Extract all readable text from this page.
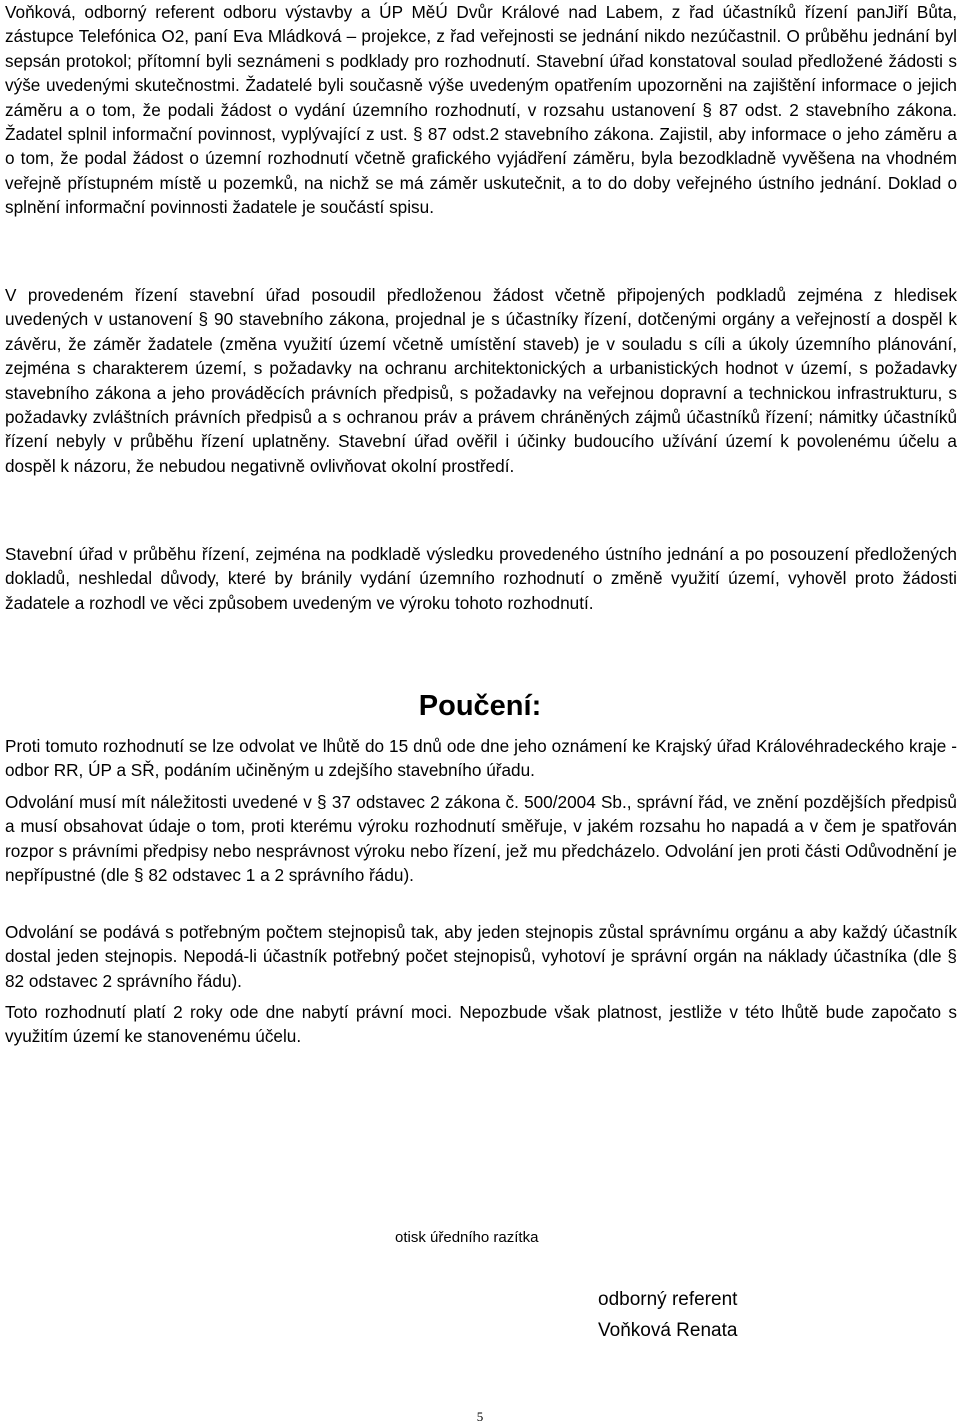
Voňková, odborný referent odboru výstavby a ÚP MěÚ Dvůr Králové nad Labem, z řad účastníků řízení panJiří Bůta, zástupce Telefónica O2, paní Eva Mládková – projekce, z řad veřejnosti se jednání nikdo nezúčastnil. O průběhu jednání byl sepsán protokol; přítomní byli seznámeni s podklady pro rozhodnutí. Stavební úřad konstatoval soulad předložené žádosti s výše uvedenými skutečnostmi. Žadatelé byli současně výše uvedeným opatřením upozorněni na zajištění informace o jejich záměru a o tom, že podali žádost o vydání územního rozhodnutí, v rozsahu ustanovení § 87 odst. 2 stavebního zákona. Žadatel splnil informační povinnost, vyplývající z ust. § 87 odst.2 stavebního zákona. Zajistil, aby informace o jeho záměru a o tom, že podal žádost o územní rozhodnutí včetně grafického vyjádření záměru, byla bezodkladně vyvěšena na vhodném veřejně přístupném místě u pozemků, na nichž se má záměr uskutečnit, a to do doby veřejného ústního jednání. Doklad o splnění informační povinnosti žadatele je součástí spisu.

V provedeném řízení stavební úřad posoudil předloženou žádost včetně připojených podkladů zejména z hledisek uvedených v ustanovení § 90 stavebního zákona, projednal je s účastníky řízení, dotčenými orgány a veřejností a dospěl k závěru, že záměr žadatele (změna využití území včetně umístění staveb) je v souladu s cíli a úkoly územního plánování, zejména s charakterem území, s požadavky na ochranu architektonických a urbanistických hodnot v území, s požadavky stavebního zákona a jeho prováděcích právních předpisů, s požadavky na veřejnou dopravní a technickou infrastrukturu, s požadavky zvláštních právních předpisů a s ochranou práv a právem chráněných zájmů účastníků řízení; námitky účastníků řízení nebyly v průběhu řízení uplatněny. Stavební úřad ověřil i účinky budoucího užívání území k povolenému účelu a dospěl k názoru, že nebudou negativně ovlivňovat okolní prostředí.

Stavební úřad v průběhu řízení, zejména na podkladě výsledku provedeného ústního jednání a po posouzení předložených dokladů, neshledal důvody, které by bránily vydání územního rozhodnutí o změně využití území, vyhověl proto žádosti žadatele a rozhodl ve věci způsobem uvedeným ve výroku tohoto rozhodnutí.

Poučení:

Proti tomuto rozhodnutí se lze odvolat ve lhůtě do 15 dnů ode dne jeho oznámení ke Krajský úřad Královéhradeckého kraje - odbor RR, ÚP a SŘ, podáním učiněným u zdejšího stavebního úřadu.

Odvolání musí mít náležitosti uvedené v § 37 odstavec 2 zákona č. 500/2004 Sb., správní řád, ve znění pozdějších předpisů a musí obsahovat údaje o tom, proti kterému výroku rozhodnutí směřuje, v jakém rozsahu ho napadá a v čem je spatřován rozpor s právními předpisy nebo nesprávnost výroku nebo řízení, jež mu předcházelo. Odvolání jen proti části Odůvodnění je nepřípustné (dle § 82 odstavec 1 a 2 správního řádu).

Odvolání se podává s potřebným počtem stejnopisů tak, aby jeden stejnopis zůstal správnímu orgánu a aby každý účastník dostal jeden stejnopis. Nepodá-li účastník potřebný počet stejnopisů, vyhotoví je správní orgán na náklady účastníka (dle § 82 odstavec 2 správního řádu).

Toto rozhodnutí platí 2 roky ode dne nabytí právní moci. Nepozbude však platnost, jestliže v této lhůtě bude započato s využitím území ke stanovenému účelu.

otisk úředního razítka
odborný referent
Voňková Renata
5
